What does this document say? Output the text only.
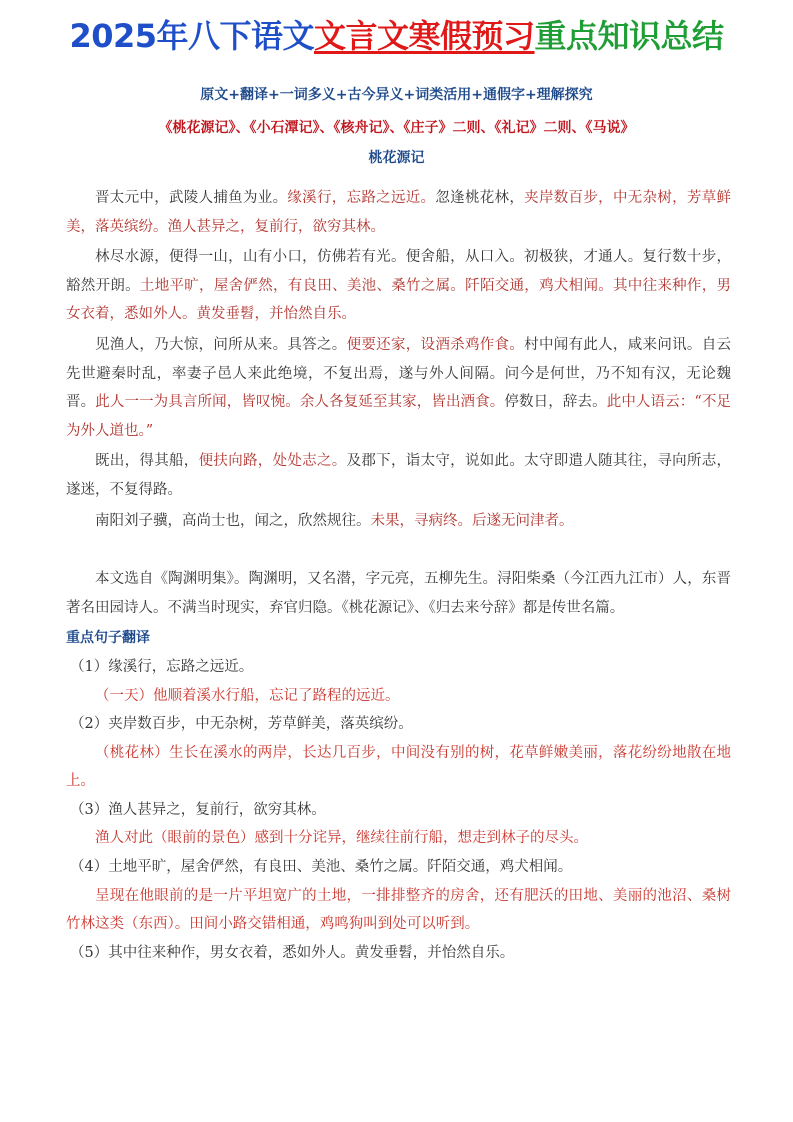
2025年八下语文文言文寒假预习重点知识总结
原文+翻译+一词多义+古今异义+词类活用+通假字+理解探究
《桃花源记》、《小石潭记》、《核舟记》、《庄子》二则、《礼记》二则、《马说》
桃花源记

晋太元中，武陵人捕鱼为业。缘溪行，忘路之远近。忽逢桃花林，夹岸数百步，中无杂树，芳草鲜美，落英缤纷。渔人甚异之，复前行，欲穷其林。

林尽水源，便得一山，山有小口，仿佛若有光。便舍船，从口入。初极狭，才通人。复行数十步，豁然开朗。土地平旷，屋舍俨然，有良田、美池、桑竹之属。阡陌交通，鸡犬相闻。其中往来种作，男女衣着，悉如外人。黄发垂髫，并怡然自乐。

见渔人，乃大惊，问所从来。具答之。便要还家，设酒杀鸡作食。村中闻有此人，咸来问讯。自云先世避秦时乱，率妻子邑人来此绝境，不复出焉，遂与外人间隔。问今是何世，乃不知有汉，无论魏晋。此人一一为具言所闻，皆叹惋。余人各复延至其家，皆出酒食。停数日，辞去。此中人语云：“不足为外人道也。”

既出，得其船，便扶向路，处处志之。及郡下，诣太守，说如此。太守即遣人随其往，寻向所志，遂迷，不复得路。

南阳刘子骥，高尚士也，闻之，欣然规往。未果，寻病终。后遂无问津者。

本文选自《陶渊明集》。陶渊明，又名潜，字元亮，五柳先生。浔阳柴桑（今江西九江市）人，东晋著名田园诗人。不满当时现实，弃官归隐。《桃花源记》、《归去来兮辞》都是传世名篇。

重点句子翻译

（1）缘溪行，忘路之远近。

（一天）他顺着溪水行船，忘记了路程的远近。

（2）夹岸数百步，中无杂树，芳草鲜美，落英缤纷。

（桃花林）生长在溪水的两岸，长达几百步，中间没有别的树，花草鲜嫩美丽，落花纷纷地散在地上。

（3）渔人甚异之，复前行，欲穷其林。

渔人对此（眼前的景色）感到十分诧异，继续往前行船，想走到林子的尽头。

（4）土地平旷，屋舍俨然，有良田、美池、桑竹之属。阡陌交通，鸡犬相闻。

呈现在他眼前的是一片平坦宽广的土地，一排排整齐的房舍，还有肥沃的田地、美丽的池沼、桑树竹林这类（东西）。田间小路交错相通，鸡鸣狗叫到处可以听到。

（5）其中往来种作，男女衣着，悉如外人。黄发垂髫，并怡然自乐。
